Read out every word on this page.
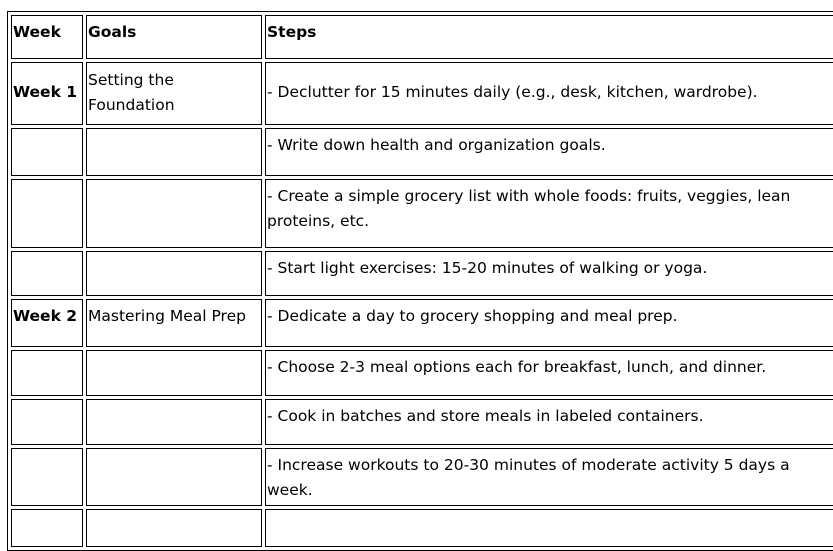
Week	Goals	Steps
Week 1	Setting the Foundation	- Declutter for 15 minutes daily (e.g., desk, kitchen, wardrobe).
		- Write down health and organization goals.
		- Create a simple grocery list with whole foods: fruits, veggies, lean proteins, etc.
		- Start light exercises: 15-20 minutes of walking or yoga.
Week 2	Mastering Meal Prep	- Dedicate a day to grocery shopping and meal prep.
		- Choose 2-3 meal options each for breakfast, lunch, and dinner.
		- Cook in batches and store meals in labeled containers.
		- Increase workouts to 20-30 minutes of moderate activity 5 days a week.
